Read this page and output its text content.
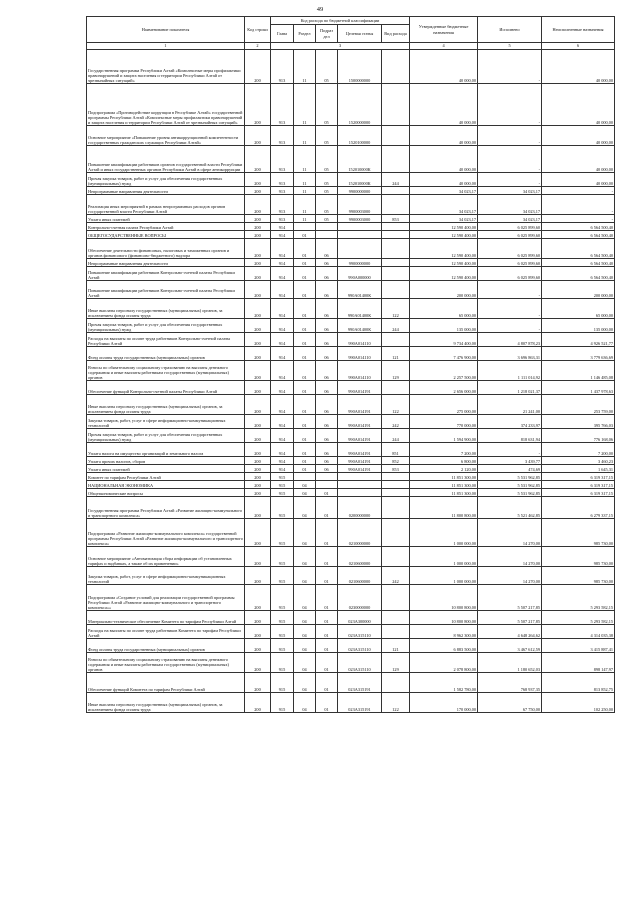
49
Наименование показателя	Код строки	Код расхода по бюджетной классификации					Утвержденные бюджетные назначения	Исполнено	Неисполненные назначения
		Глава	Раздел	Подраз дел	Целевая статья	Вид расхода			
1	2	3					4	5	6
Государственная программа Республики Алтай «Комплексные меры профилактики правонарушений и защита населения и территории Республики Алтай от чрезвычайных ситуаций»	200	913	11	05	1500000000		40 000,00	-	40 000,00
Подпрограмма «Противодействие коррупции в Республике Алтай» государственной программы Республики Алтай «Комплексные меры профилактики правонарушений и защита населения и территории Республики Алтай от чрезвычайных ситуаций»	200	913	11	05	1520000000		40 000,00	-	40 000,00
Основное мероприятие «Повышение уровня антикоррупционной компетентности государственных гражданских служащих Республики Алтай»	200	913	11	05	1520100000		40 000,00	-	40 000,00
Повышение квалификации работников органов государственной власти Республики Алтай и иных государственных органов Республики Алтай в сфере антикоррупции	200	913	11	05	152010000К		40 000,00	-	40 000,00
Прочая закупка товаров, работ и услуг для обеспечения государственных (муниципальных) нужд	200	913	11	05	152010000К	244	40 000,00	-	40 000,00
Непрограммные направления деятельности	200	913	11	05	9900000000		34 023,17	34 023,17	-
Реализация иных мероприятий в рамках непрограммных расходов органов государственной власти Республики Алтай	200	913	11	05	9900003000		34 023,17	34 023,17	-
Уплата иных платежей	200	913	11	05	9900003000	853	34 023,17	34 023,17	-
Контрольно-счетная палата Республики Алтай	200	914					12 590 400,00	6 025 899,60	6 564 500,40
ОБЩЕГОСУДАРСТВЕННЫЕ ВОПРОСЫ	200	914	01				12 590 400,00	6 025 899,60	6 564 500,40
Обеспечение деятельности финансовых, налоговых и таможенных органов и органов финансового (финансово-бюджетного) надзора	200	914	01	06			12 590 400,00	6 025 899,60	6 564 500,40
Непрограммные направления деятельности	200	914	01	06	9900000000		12 590 400,00	6 025 899,60	6 564 500,40
Повышение квалификации работников Контрольно-счетной палаты Республики Алтай	200	914	01	06	990A000000		12 590 400,00	6 025 899,60	6 564 500,40
Повышение квалификации работников Контрольно-счетной палаты Республики Алтай	200	914	01	06	990A01400К		200 000,00	-	200 000,00
Иные выплаты персоналу государственных (муниципальных) органов, за исключением фонда оплаты труда	200	914	01	06	990A01400К	122	65 000,00	-	65 000,00
Прочая закупка товаров, работ и услуг для обеспечения государственных (муниципальных) нужд	200	914	01	06	990A01400К	244	135 000,00	-	135 000,00
Расходы на выплаты по оплате труда работников Контрольно-счетной палаты Республики Алтай	200	914	01	06	990A014110		9 734 400,00	4 807 878,23	4 926 521,77
Фонд оплаты труда государственных (муниципальных) органов	200	914	01	06	990A014110	121	7 476 900,00	3 696 863,31	3 779 636,69
Взносы по обязательному социальному страхованию на выплаты денежного содержания и иные выплаты работникам государственных (муниципальных) органов	200	914	01	06	990A014110	129	2 257 500,00	1 111 014,92	1 146 485,08
Обеспечение функций Контрольно-счетной палаты Республики Алтай	200	914	01	06	990A014191		2 656 000,00	1 218 021,37	1 437 978,63
Иные выплаты персоналу государственных (муниципальных) органов, за исключением фонда оплаты труда	200	914	01	06	990A014191	122	275 000,00	21 241,00	253 759,00
Закупка товаров, работ, услуг в сфере информационно-коммуникационных технологий	200	914	01	06	990A014191	242	770 000,00	374 233,97	395 766,03
Прочая закупка товаров, работ и услуг для обеспечения государственных (муниципальных) нужд	200	914	01	06	990A014191	244	1 594 900,00	818 631,94	776 168,06
Уплата налога на имущество организаций и земельного налога	200	914	01	06	990A014191	851	7 200,00	-	7 200,00
Уплата прочих налогов, сборов	200	914	01	06	990A014191	852	6 800,00	3 439,77	3 460,23
Уплата иных платежей	200	914	01	06	990A014191	853	2 120,00	474,69	1 645,31
Комитет по тарифам Республики Алтай	200	915					11 851 300,00	5 531 962,85	6 319 317,15
НАЦИОНАЛЬНАЯ ЭКОНОМИКА	200	915	04				11 851 300,00	5 531 962,85	6 319 317,15
Общеэкономические вопросы	200	915	04	01			11 851 300,00	5 531 962,85	6 319 317,15
Государственная программа Республики Алтай «Развитие жилищно-коммунального и транспортного комплекса»	200	915	04	01	0200000000		11 800 800,00	5 521 462,85	6 279 337,15
Подпрограмма «Развитие жилищно-коммунального комплекса» государственной программы Республики Алтай «Развитие жилищно-коммунального и транспортного комплекса»	200	915	04	01	0210000000		1 000 000,00	14 270,00	985 730,00
Основное мероприятие «Автоматизация сбора информации об установленных тарифах и надбавках, а также об их применении»	200	915	04	01	0210600000		1 000 000,00	14 270,00	985 730,00
Закупка товаров, работ, услуг в сфере информационно-коммуникационных технологий	200	915	04	01	0210600000	242	1 000 000,00	14 270,00	985 730,00
Подпрограмма «Создание условий для реализации государственной программы Республики Алтай «Развитие жилищно-коммунального и транспортного комплекса»»	200	915	04	01	0230000000		10 800 800,00	5 507 217,85	5 293 582,15
Материально-техническое обеспечение Комитета по тарифам Республики Алтай	200	915	04	01	023A300000		10 800 800,00	5 507 217,85	5 293 582,15
Расходы на выплаты по оплате труда работников Комитета по тарифам Республики Алтай	200	915	04	01	023A315110		8 962 300,00	4 648 264,62	4 314 035,38
Фонд оплаты труда государственных (муниципальных) органов	200	915	04	01	023A315110	121	6 883 500,00	3 467 612,59	3 415 887,41
Взносы по обязательному социальному страхованию на выплаты денежного содержания и иные выплаты работникам государственных (муниципальных) органов	200	915	04	01	023A315110	129	2 078 800,00	1 180 652,03	898 147,97
Обеспечение функций Комитета по тарифам Республики Алтай	200	915	04	01	023A315191		1 582 780,00	768 937,35	813 852,75
Иные выплаты персоналу государственных (муниципальных) органов, за исключением фонда оплаты труда	200	915	04	01	023A315191	122	170 000,00	67 750,00	102 250,00
